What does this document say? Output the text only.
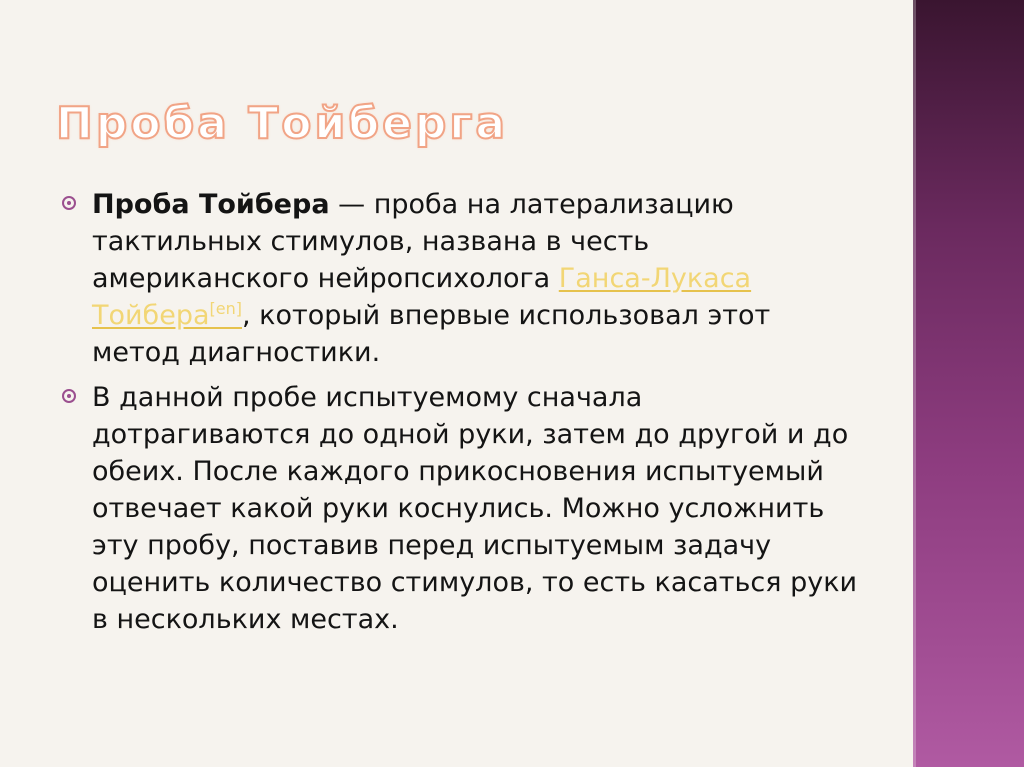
Проба Тойберга
Проба Тойбера — проба на латерализацию тактильных стимулов, названа в честь американского нейропсихолога Ганса-Лукаса Тойбера[en], который впервые использовал этот метод диагностики.
В данной пробе испытуемому сначала дотрагиваются до одной руки, затем до другой и до обеих. После каждого прикосновения испытуемый отвечает какой руки коснулись. Можно усложнить эту пробу, поставив перед испытуемым задачу оценить количество стимулов, то есть касаться руки в нескольких местах.
